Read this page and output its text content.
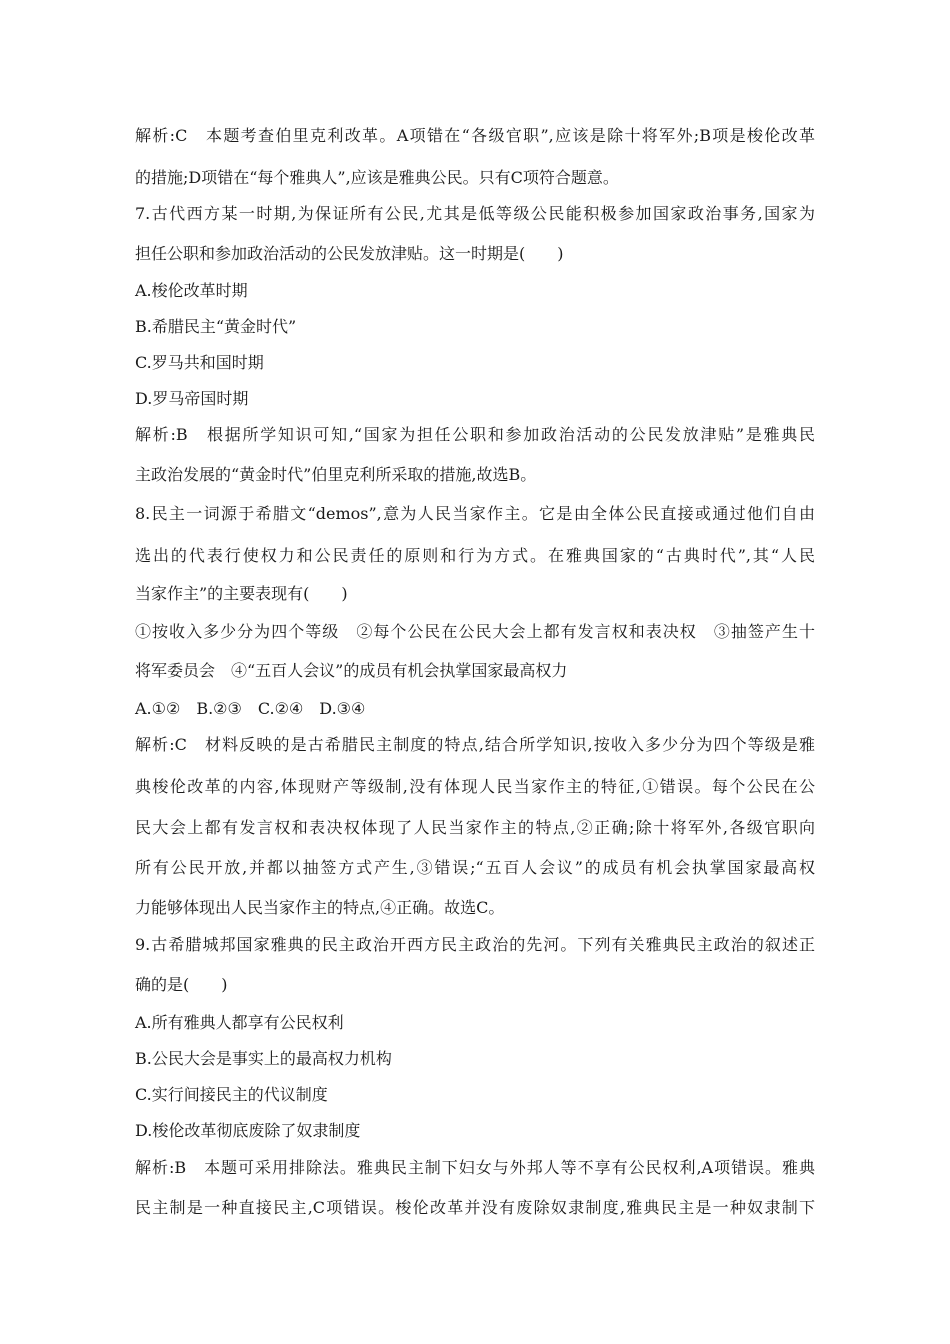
解析:C　本题考查伯里克利改革。A项错在“各级官职”,应该是除十将军外;B项是梭伦改革
的措施;D项错在“每个雅典人”,应该是雅典公民。只有C项符合题意。
7.古代西方某一时期,为保证所有公民,尤其是低等级公民能积极参加国家政治事务,国家为
担任公职和参加政治活动的公民发放津贴。这一时期是(　　)
A.梭伦改革时期
B.希腊民主“黄金时代”
C.罗马共和国时期
D.罗马帝国时期
解析:B　根据所学知识可知,“国家为担任公职和参加政治活动的公民发放津贴”是雅典民
主政治发展的“黄金时代”伯里克利所采取的措施,故选B。
8.民主一词源于希腊文“demos”,意为人民当家作主。它是由全体公民直接或通过他们自由
选出的代表行使权力和公民责任的原则和行为方式。在雅典国家的“古典时代”,其“人民
当家作主”的主要表现有(　　)
①按收入多少分为四个等级　②每个公民在公民大会上都有发言权和表决权　③抽签产生十
将军委员会　④“五百人会议”的成员有机会执掌国家最高权力
A.①②　B.②③　C.②④　D.③④
解析:C　材料反映的是古希腊民主制度的特点,结合所学知识,按收入多少分为四个等级是雅
典梭伦改革的内容,体现财产等级制,没有体现人民当家作主的特征,①错误。每个公民在公
民大会上都有发言权和表决权体现了人民当家作主的特点,②正确;除十将军外,各级官职向
所有公民开放,并都以抽签方式产生,③错误;“五百人会议”的成员有机会执掌国家最高权
力能够体现出人民当家作主的特点,④正确。故选C。
9.古希腊城邦国家雅典的民主政治开西方民主政治的先河。下列有关雅典民主政治的叙述正
确的是(　　)
A.所有雅典人都享有公民权利
B.公民大会是事实上的最高权力机构
C.实行间接民主的代议制度
D.梭伦改革彻底废除了奴隶制度
解析:B　本题可采用排除法。雅典民主制下妇女与外邦人等不享有公民权利,A项错误。雅典
民主制是一种直接民主,C项错误。梭伦改革并没有废除奴隶制度,雅典民主是一种奴隶制下
